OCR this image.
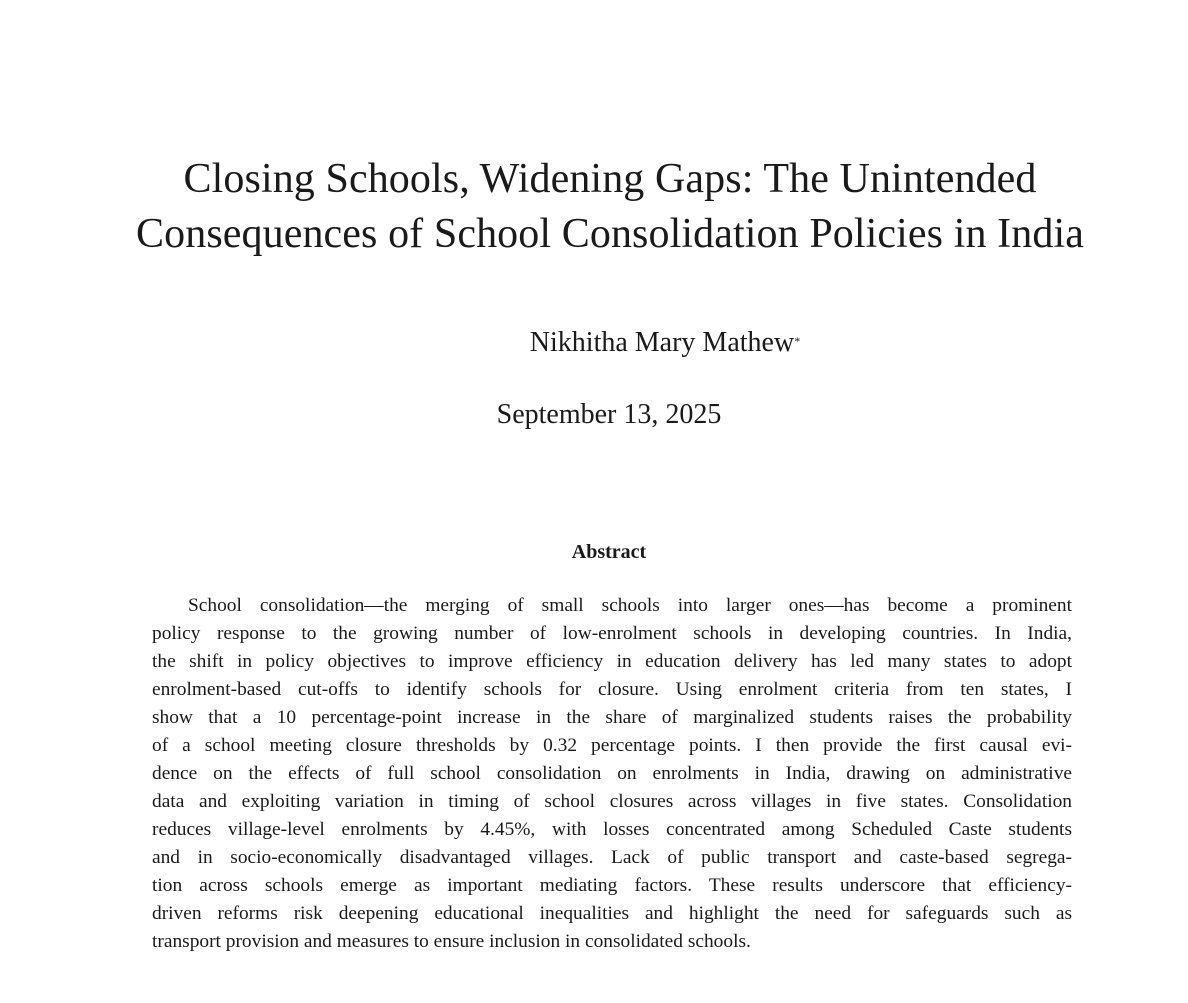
Closing Schools, Widening Gaps: The Unintended
Consequences of School Consolidation Policies in India
Nikhitha Mary Mathew*
September 13, 2025
Abstract
School consolidation—the merging of small schools into larger ones—has become a prominent
policy response to the growing number of low-enrolment schools in developing countries. In India,
the shift in policy objectives to improve efficiency in education delivery has led many states to adopt
enrolment-based cut-offs to identify schools for closure. Using enrolment criteria from ten states, I
show that a 10 percentage-point increase in the share of marginalized students raises the probability
of a school meeting closure thresholds by 0.32 percentage points. I then provide the first causal evi-
dence on the effects of full school consolidation on enrolments in India, drawing on administrative
data and exploiting variation in timing of school closures across villages in five states. Consolidation
reduces village-level enrolments by 4.45%, with losses concentrated among Scheduled Caste students
and in socio-economically disadvantaged villages. Lack of public transport and caste-based segrega-
tion across schools emerge as important mediating factors. These results underscore that efficiency-
driven reforms risk deepening educational inequalities and highlight the need for safeguards such as
transport provision and measures to ensure inclusion in consolidated schools.
